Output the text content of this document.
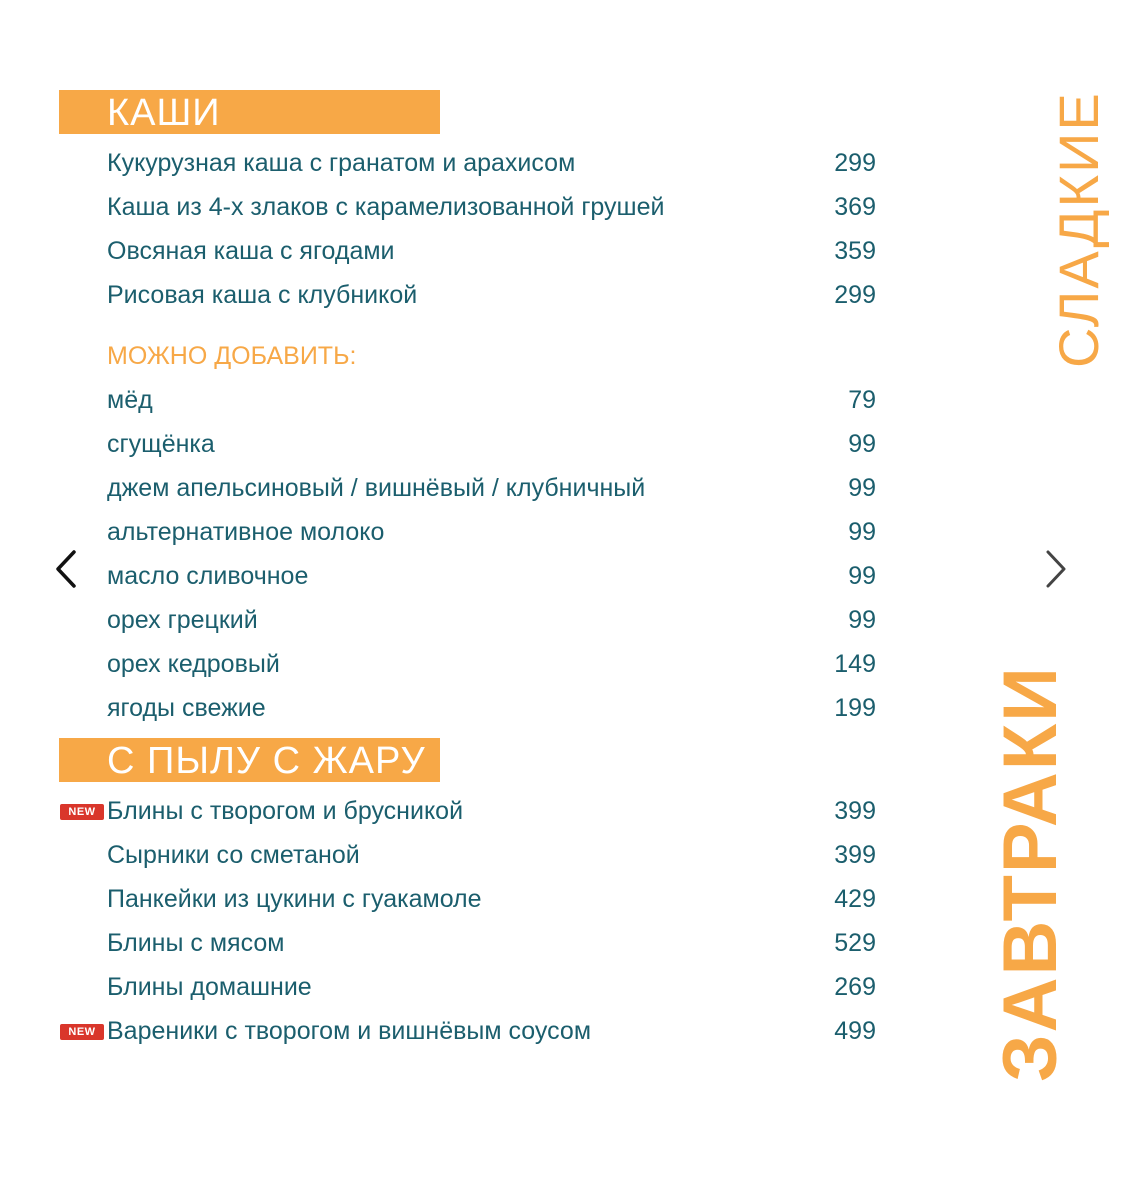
КАШИ
Кукурузная каша с гранатом и арахисом	299
Каша из 4-х злаков с карамелизованной грушей	369
Овсяная каша с ягодами	359
Рисовая каша с клубникой	299
МОЖНО ДОБАВИТЬ:
мёд	79
сгущёнка	99
джем апельсиновый / вишнёвый / клубничный	99
альтернативное молоко	99
масло сливочное	99
орех грецкий	99
орех кедровый	149
ягоды свежие	199
С ПЫЛУ С ЖАРУ
NEW Блины с творогом и брусникой	399
Сырники со сметаной	399
Панкейки из цукини с гуакамоле	429
Блины с мясом	529
Блины домашние	269
NEW Вареники с творогом и вишнёвым соусом	499 ЗАВТРАКИ
СЛАДКИЕ
